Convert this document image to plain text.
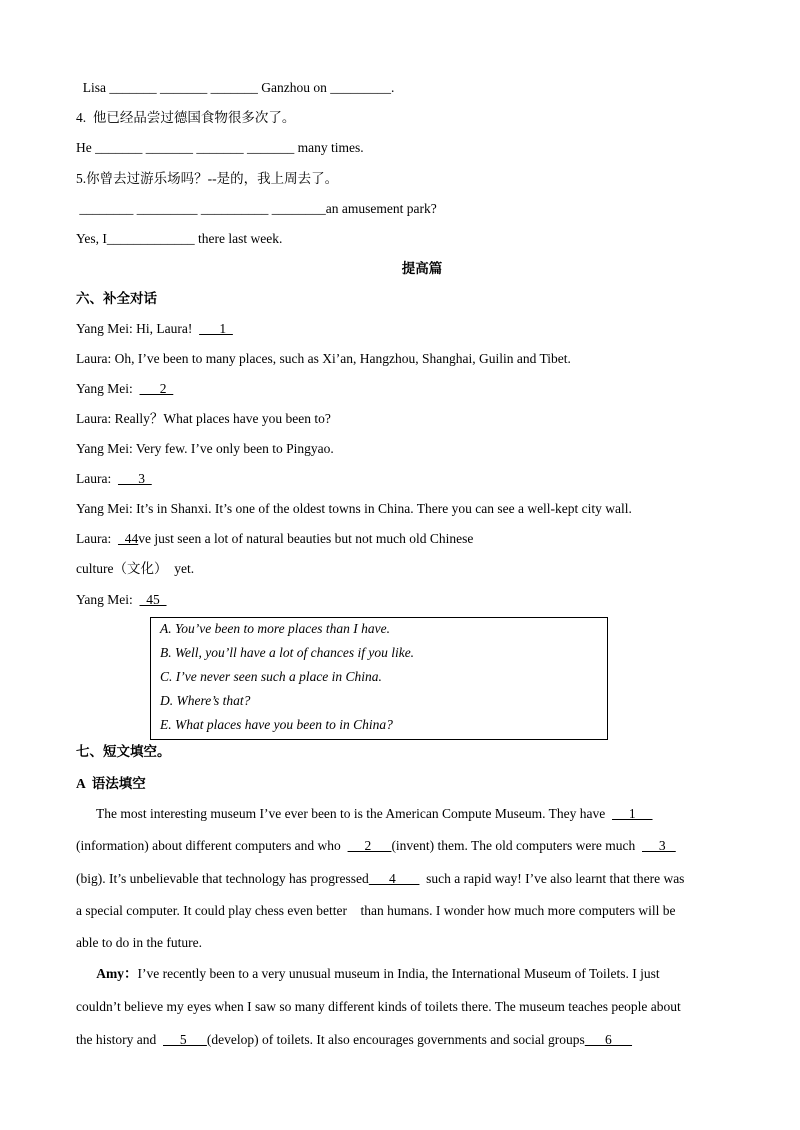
Lisa _______ _______ _______ Ganzhou on _________.
4.  他已经品尝过德国食物很多次了。
He _______ _______ _______ _______ many times.
5.你曾去过游乐场吗？--是的，我上周去了。
________ _________ __________ ________an amusement park?
Yes, I_____________ there last week.
提高篇
六、补全对话
Yang Mei: Hi, Laura!        1
Laura: Oh, I’ve been to many places, such as Xi’an, Hangzhou, Shanghai, Guilin and Tibet.
Yang Mei:        2
Laura: Really？What places have you been to?
Yang Mei: Very few. I’ve only been to Pingyao.
Laura:        3
Yang Mei: It’s in Shanxi. It’s one of the oldest towns in China. There you can see a well-kept city wall.
Laura:    44ve just seen a lot of natural beauties but not much old Chinese
culture（文化）  yet.
Yang Mei:    45
A. You’ve been to more places than I have.
B. Well, you’ll have a lot of chances if you like.
C. I’ve never seen such a place in China.
D. Where’s that?
E. What places have you been to in China?
七、短文填空。
A  语法填空
The most interesting museum I’ve ever been to is the American Compute Museum. They have       1
(information) about different computers and who       2      (invent) them. The old computers were much       3
(big). It’s unbelievable that technology has progressed      4         such a rapid way! I’ve also learnt that there was
a special computer. It could play chess even better    than humans. I wonder how much more computers will be
able to do in the future.
Amy：I’ve recently been to a very unusual museum in India, the International Museum of Toilets. I just
couldn’t believe my eyes when I saw so many different kinds of toilets there. The museum teaches people about
the history and       5      (develop) of toilets. It also encourages governments and social groups      6
